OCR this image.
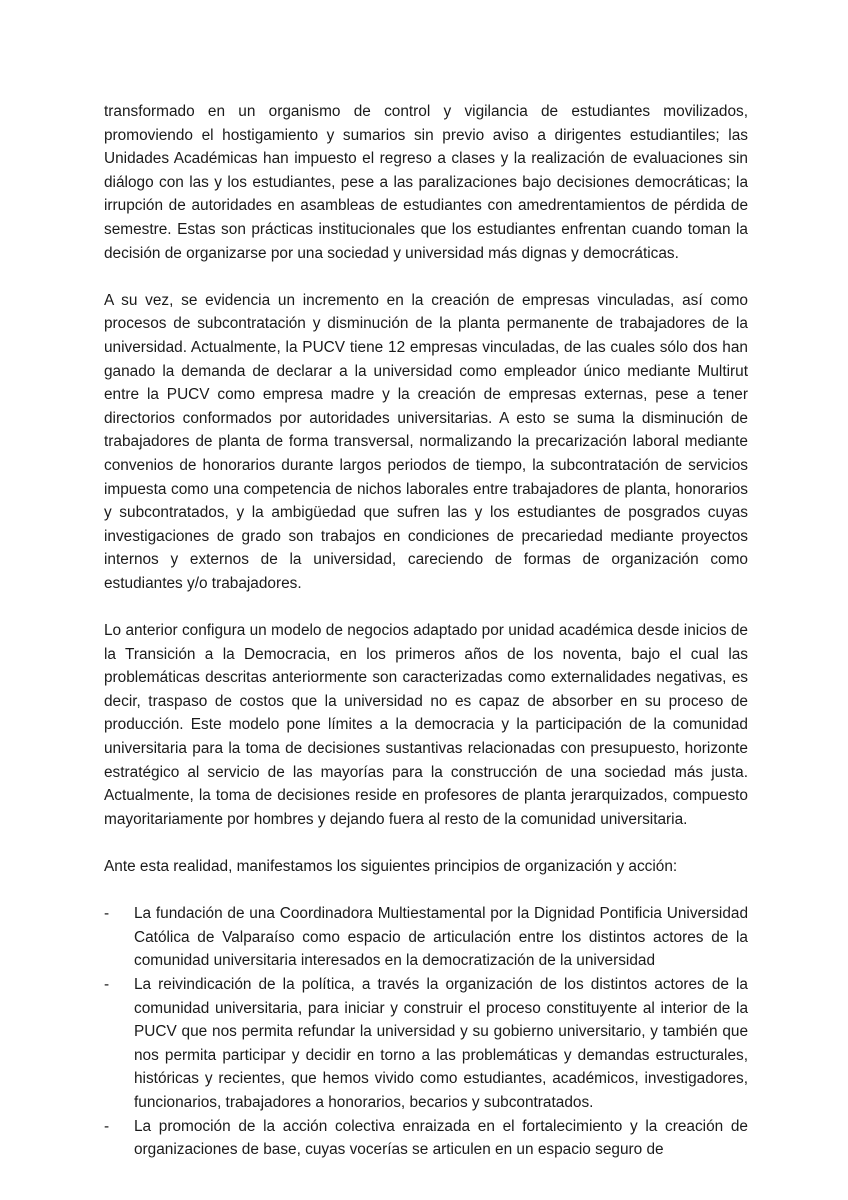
transformado en un organismo de control y vigilancia de estudiantes movilizados, promoviendo el hostigamiento y sumarios sin previo aviso a dirigentes estudiantiles; las Unidades Académicas han impuesto el regreso a clases y la realización de evaluaciones sin diálogo con las y los estudiantes, pese a las paralizaciones bajo decisiones democráticas; la irrupción de autoridades en asambleas de estudiantes con amedrentamientos de pérdida de semestre. Estas son prácticas institucionales que los estudiantes enfrentan cuando toman la decisión de organizarse por una sociedad y universidad más dignas y democráticas.

A su vez, se evidencia un incremento en la creación de empresas vinculadas, así como procesos de subcontratación y disminución de la planta permanente de trabajadores de la universidad. Actualmente, la PUCV tiene 12 empresas vinculadas, de las cuales sólo dos han ganado la demanda de declarar a la universidad como empleador único mediante Multirut entre la PUCV como empresa madre y la creación de empresas externas, pese a tener directorios conformados por autoridades universitarias. A esto se suma la disminución de trabajadores de planta de forma transversal, normalizando la precarización laboral mediante convenios de honorarios durante largos periodos de tiempo, la subcontratación de servicios impuesta como una competencia de nichos laborales entre trabajadores de planta, honorarios y subcontratados, y la ambigüedad que sufren las y los estudiantes de posgrados cuyas investigaciones de grado son trabajos en condiciones de precariedad mediante proyectos internos y externos de la universidad, careciendo de formas de organización como estudiantes y/o trabajadores.

Lo anterior configura un modelo de negocios adaptado por unidad académica desde inicios de la Transición a la Democracia, en los primeros años de los noventa, bajo el cual las problemáticas descritas anteriormente son caracterizadas como externalidades negativas, es decir, traspaso de costos que la universidad no es capaz de absorber en su proceso de producción. Este modelo pone límites a la democracia y la participación de la comunidad universitaria para la toma de decisiones sustantivas relacionadas con presupuesto, horizonte estratégico al servicio de las mayorías para la construcción de una sociedad más justa. Actualmente, la toma de decisiones reside en profesores de planta jerarquizados, compuesto mayoritariamente por hombres y dejando fuera al resto de la comunidad universitaria.

Ante esta realidad, manifestamos los siguientes principios de organización y acción:

- La fundación de una Coordinadora Multiestamental por la Dignidad Pontificia Universidad Católica de Valparaíso como espacio de articulación entre los distintos actores de la comunidad universitaria interesados en la democratización de la universidad
- La reivindicación de la política, a través la organización de los distintos actores de la comunidad universitaria, para iniciar y construir el proceso constituyente al interior de la PUCV que nos permita refundar la universidad y su gobierno universitario, y también que nos permita participar y decidir en torno a las problemáticas y demandas estructurales, históricas y recientes, que hemos vivido como estudiantes, académicos, investigadores, funcionarios, trabajadores a honorarios, becarios y subcontratados.
- La promoción de la acción colectiva enraizada en el fortalecimiento y la creación de organizaciones de base, cuyas vocerías se articulen en un espacio seguro de
